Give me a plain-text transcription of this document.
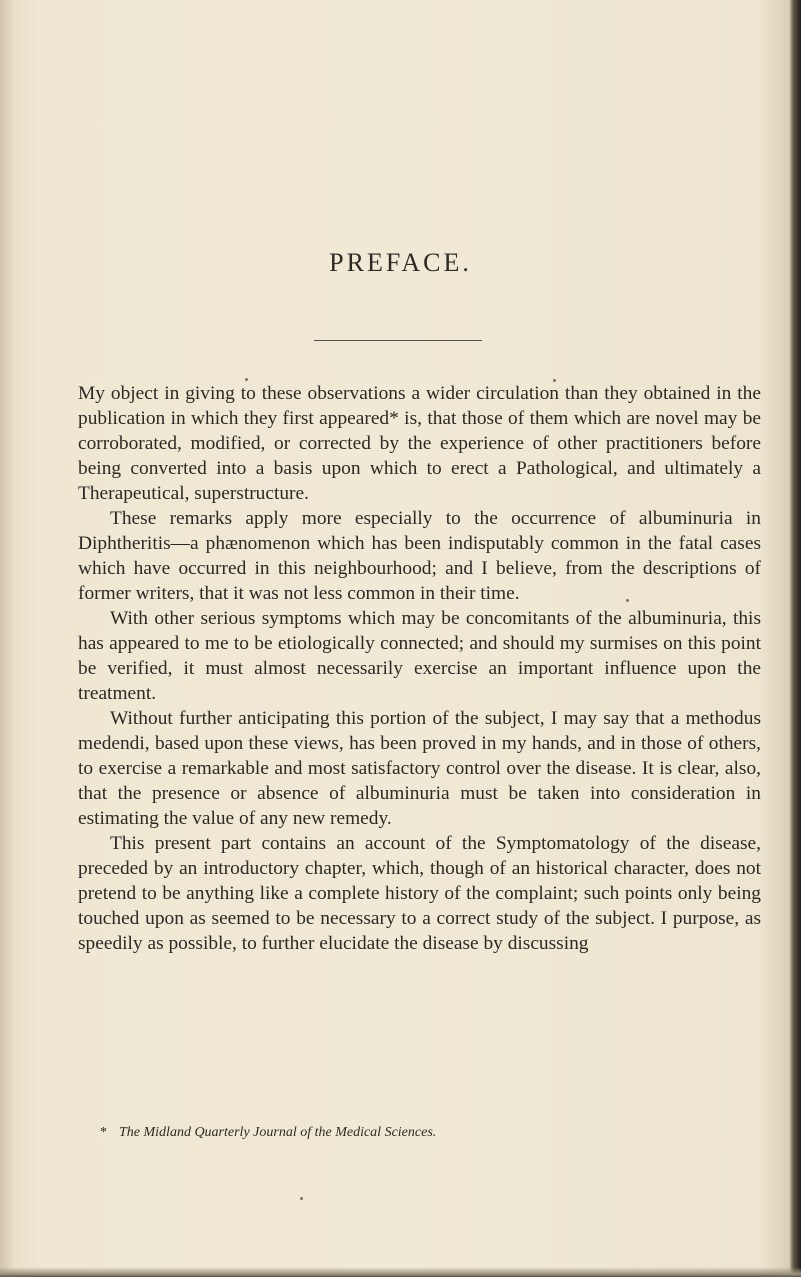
PREFACE.

My object in giving to these observations a wider circulation than they obtained in the publication in which they first appeared* is, that those of them which are novel may be corroborated, modified, or corrected by the experience of other practitioners before being converted into a basis upon which to erect a Pathological, and ultimately a Therapeutical, superstructure.

These remarks apply more especially to the occurrence of albuminuria in Diphtheritis—a phænomenon which has been indisputably common in the fatal cases which have occurred in this neighbourhood; and I believe, from the descriptions of former writers, that it was not less common in their time.

With other serious symptoms which may be concomitants of the albuminuria, this has appeared to me to be etiologically connected; and should my surmises on this point be verified, it must almost necessarily exercise an important influence upon the treatment.

Without further anticipating this portion of the subject, I may say that a methodus medendi, based upon these views, has been proved in my hands, and in those of others, to exercise a remarkable and most satisfactory control over the disease. It is clear, also, that the presence or absence of albuminuria must be taken into consideration in estimating the value of any new remedy.

This present part contains an account of the Symptomatology of the disease, preceded by an introductory chapter, which, though of an historical character, does not pretend to be anything like a complete history of the complaint; such points only being touched upon as seemed to be necessary to a correct study of the subject. I purpose, as speedily as possible, to further elucidate the disease by discussing

* The Midland Quarterly Journal of the Medical Sciences.
